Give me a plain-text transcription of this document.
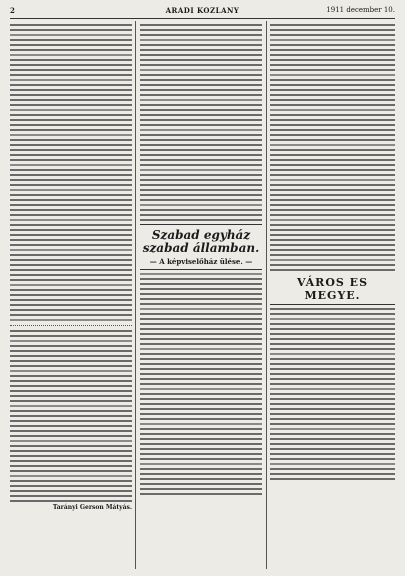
2	ARADI KOZLANY	1911 december 10.
Tarányi Gerson Mátyás.
Szabad egyház szabad államban.
— A képviselőház ülése. —
VÁROS ES MEGYE.
